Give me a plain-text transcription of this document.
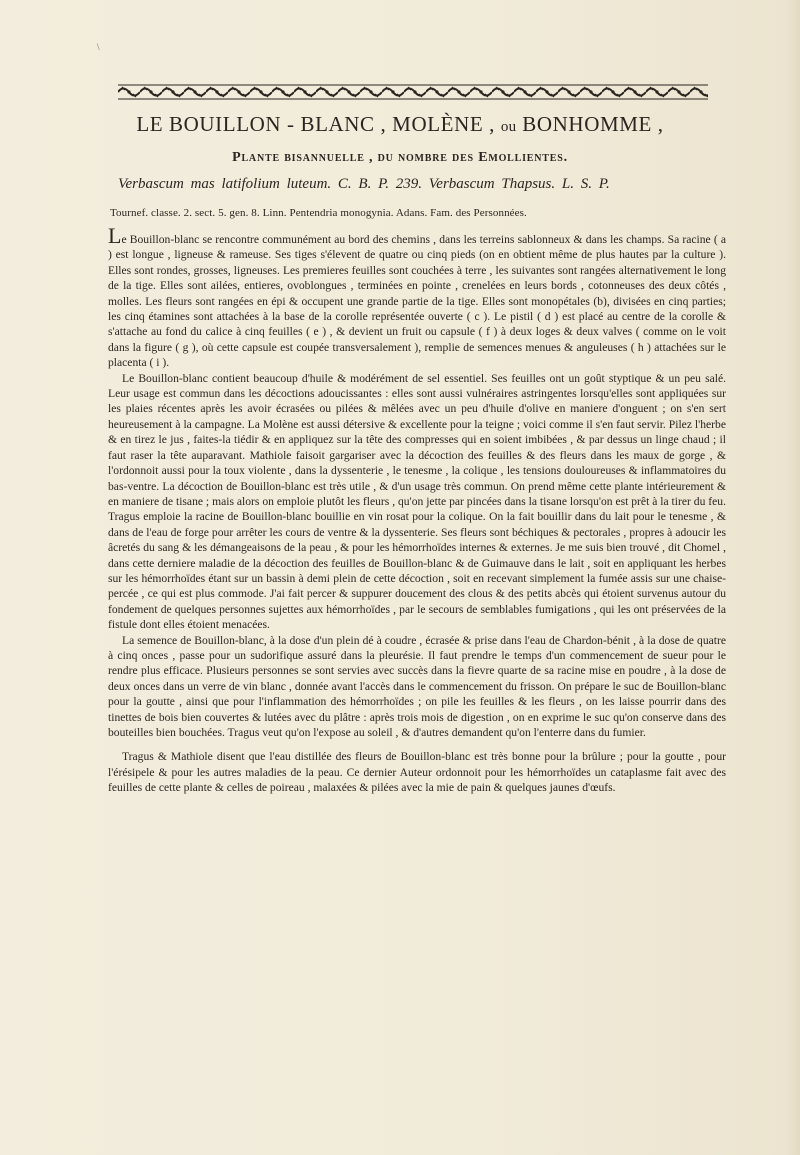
\
LE BOUILLON - BLANC , MOLÈNE , ou BONHOMME ,
Plante bisannuelle , du nombre des Emollientes.

Verbascum mas latifolium luteum. C. B. P. 239. Verbascum Thapsus. L. S. P.

Tournef. classe. 2. sect. 5. gen. 8. Linn. Pentendria monogynia. Adans. Fam. des Personnées.

Le Bouillon-blanc se rencontre communément au bord des chemins , dans les terreins sablonneux & dans les champs. Sa racine ( a ) est longue , ligneuse & rameuse. Ses tiges s'élevent de quatre ou cinq pieds (on en obtient même de plus hautes par la culture ). Elles sont rondes, grosses, ligneuses. Les premieres feuilles sont couchées à terre , les suivantes sont rangées alternativement le long de la tige. Elles sont ailées, entieres, ovoblongues , terminées en pointe , crenelées en leurs bords , cotonneuses des deux côtés , molles. Les fleurs sont rangées en épi & occupent une grande partie de la tige. Elles sont monopétales (b), divisées en cinq parties; les cinq étamines sont attachées à la base de la corolle représentée ouverte ( c ). Le pistil ( d ) est placé au centre de la corolle & s'attache au fond du calice à cinq feuilles ( e ) , & devient un fruit ou capsule ( f ) à deux loges & deux valves ( comme on le voit dans la figure ( g ), où cette capsule est coupée transversalement ), remplie de semences menues & anguleuses ( h ) attachées sur le placenta ( i ).

Le Bouillon-blanc contient beaucoup d'huile & modérément de sel essentiel. Ses feuilles ont un goût styptique & un peu salé. Leur usage est commun dans les décoctions adoucissantes : elles sont aussi vulnéraires astringentes lorsqu'elles sont appliquées sur les plaies récentes après les avoir écrasées ou pilées & mêlées avec un peu d'huile d'olive en maniere d'onguent ; on s'en sert heureusement à la campagne. La Molène est aussi détersive & excellente pour la teigne ; voici comme il s'en faut servir. Pilez l'herbe & en tirez le jus , faites-la tiédir & en appliquez sur la tête des compresses qui en soient imbibées , & par dessus un linge chaud ; il faut raser la tête auparavant. Mathiole faisoit gargariser avec la décoction des feuilles & des fleurs dans les maux de gorge , & l'ordonnoit aussi pour la toux violente , dans la dyssenterie , le tenesme , la colique , les tensions douloureuses & inflammatoires du bas-ventre. La décoction de Bouillon-blanc est très utile , & d'un usage très commun. On prend même cette plante intérieurement & en maniere de tisane ; mais alors on emploie plutôt les fleurs , qu'on jette par pincées dans la tisane lorsqu'on est prêt à la tirer du feu. Tragus emploie la racine de Bouillon-blanc bouillie en vin rosat pour la colique. On la fait bouillir dans du lait pour le tenesme , & dans de l'eau de forge pour arrêter les cours de ventre & la dyssenterie. Ses fleurs sont béchiques & pectorales , propres à adoucir les âcretés du sang & les démangeaisons de la peau , & pour les hémorrhoïdes internes & externes. Je me suis bien trouvé , dit Chomel , dans cette derniere maladie de la décoction des feuilles de Bouillon-blanc & de Guimauve dans le lait , soit en appliquant les herbes sur les hémorrhoïdes étant sur un bassin à demi plein de cette décoction , soit en recevant simplement la fumée assis sur une chaise-percée , ce qui est plus commode. J'ai fait percer & suppurer doucement des clous & des petits abcès qui étoient survenus autour du fondement de quelques personnes sujettes aux hémorrhoïdes , par le secours de semblables fumigations , qui les ont préservées de la fistule dont elles étoient menacées.

La semence de Bouillon-blanc, à la dose d'un plein dé à coudre , écrasée & prise dans l'eau de Chardon-bénit , à la dose de quatre à cinq onces , passe pour un sudorifique assuré dans la pleurésie. Il faut prendre le temps d'un commencement de sueur pour le rendre plus efficace. Plusieurs personnes se sont servies avec succès dans la fievre quarte de sa racine mise en poudre , à la dose de deux onces dans un verre de vin blanc , donnée avant l'accès dans le commencement du frisson. On prépare le suc de Bouillon-blanc pour la goutte , ainsi que pour l'inflammation des hémorrhoïdes ; on pile les feuilles & les fleurs , on les laisse pourrir dans des tinettes de bois bien couvertes & lutées avec du plâtre : après trois mois de digestion , on en exprime le suc qu'on conserve dans des bouteilles bien bouchées. Tragus veut qu'on l'expose au soleil , & d'autres demandent qu'on l'enterre dans du fumier.

Tragus & Mathiole disent que l'eau distillée des fleurs de Bouillon-blanc est très bonne pour la brûlure ; pour la goutte , pour l'érésipele & pour les autres maladies de la peau. Ce dernier Auteur ordonnoit pour les hémorrhoïdes un cataplasme fait avec des feuilles de cette plante & celles de poireau , malaxées & pilées avec la mie de pain & quelques jaunes d'œufs.
